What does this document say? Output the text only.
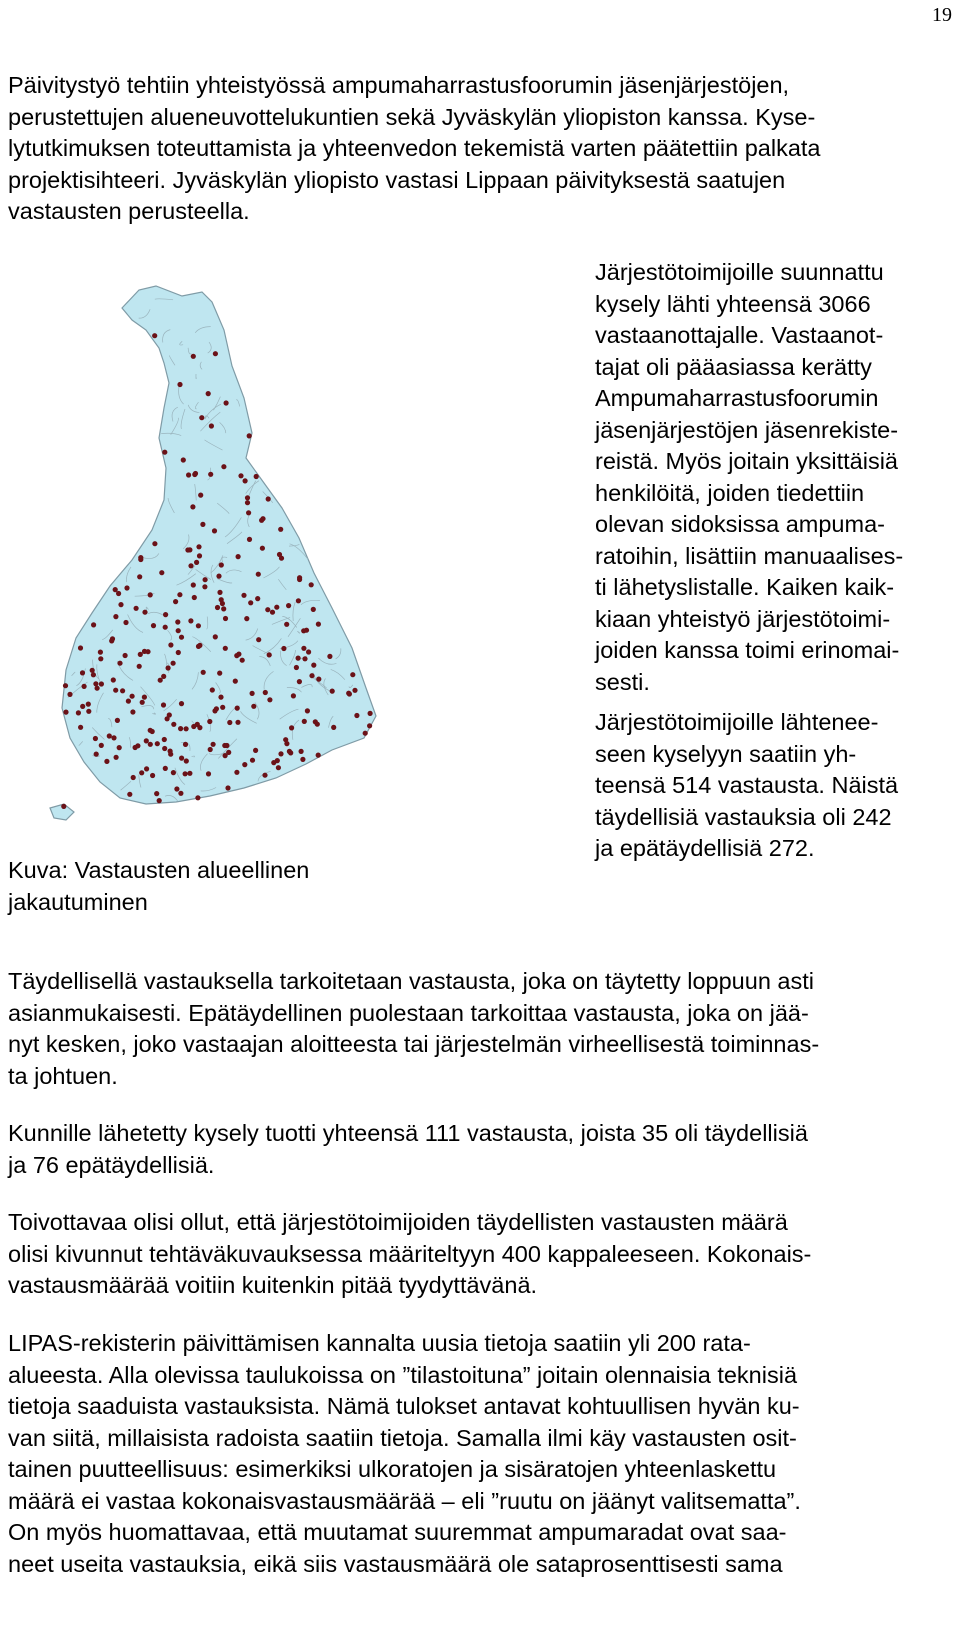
19

Päivitystyö tehtiin yhteistyössä ampumaharrastusfoorumin jäsenjärjestöjen,
perustettujen alueneuvottelukuntien sekä Jyväskylän yliopiston kanssa. Kyse-
lytutkimuksen toteuttamista ja yhteenvedon tekemistä varten päätettiin palkata
projektisihteeri. Jyväskylän yliopisto vastasi Lippaan päivityksestä saatujen
vastausten perusteella.

Kuva: Vastausten alueellinen
jakautuminen

Järjestötoimijoille suunnattu
kysely lähti yhteensä 3066
vastaanottajalle. Vastaanot-
tajat oli pääasiassa kerätty
Ampumaharrastusfoorumin
jäsenjärjestöjen jäsenrekiste-
reistä. Myös joitain yksittäisiä
henkilöitä, joiden tiedettiin
olevan sidoksissa ampuma-
ratoihin, lisättiin manuaalises-
ti lähetyslistalle. Kaiken kaik-
kiaan yhteistyö järjestötoimi-
joiden kanssa toimi erinomai-
sesti.

Järjestötoimijoille lähtenee-
seen kyselyyn saatiin yh-
teensä 514 vastausta. Näistä
täydellisiä vastauksia oli 242
ja epätäydellisiä 272.

Täydellisellä vastauksella tarkoitetaan vastausta, joka on täytetty loppuun asti
asianmukaisesti. Epätäydellinen puolestaan tarkoittaa vastausta, joka on jää-
nyt kesken, joko vastaajan aloitteesta tai järjestelmän virheellisestä toiminnas-
ta johtuen.

Kunnille lähetetty kysely tuotti yhteensä 111 vastausta, joista 35 oli täydellisiä
ja 76 epätäydellisiä.

Toivottavaa olisi ollut, että järjestötoimijoiden täydellisten vastausten määrä
olisi kivunnut tehtäväkuvauksessa määriteltyyn 400 kappaleeseen. Kokonais-
vastausmäärää voitiin kuitenkin pitää tyydyttävänä.

LIPAS-rekisterin päivittämisen kannalta uusia tietoja saatiin yli 200 rata-
alueesta. Alla olevissa taulukoissa on ”tilastoituna” joitain olennaisia teknisiä
tietoja saaduista vastauksista. Nämä tulokset antavat kohtuullisen hyvän ku-
van siitä, millaisista radoista saatiin tietoja. Samalla ilmi käy vastausten osit-
tainen puutteellisuus: esimerkiksi ulkoratojen ja sisäratojen yhteenlaskettu
määrä ei vastaa kokonaisvastausmäärää – eli ”ruutu on jäänyt valitsematta”.
On myös huomattavaa, että muutamat suuremmat ampumaradat ovat saa-
neet useita vastauksia, eikä siis vastausmäärä ole sataprosenttisesti sama
